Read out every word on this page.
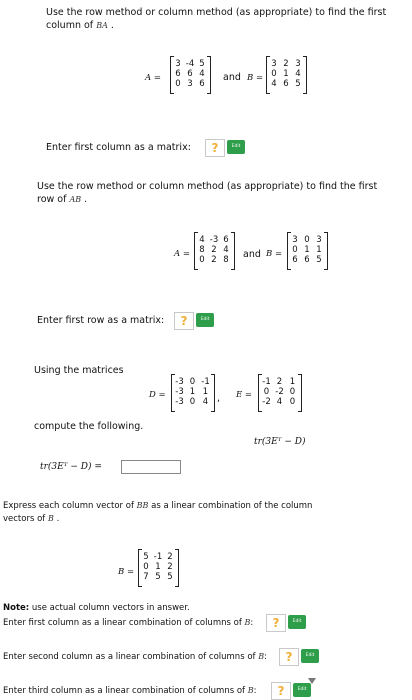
Use the row method or column method (as appropriate) to find the first
column of BA .
A =
3 -4 5
6 6 4
0 3 6
and B =
3 2 3
0 1 4
4 6 5
Enter first column as a matrix:	?	Edit
Use the row method or column method (as appropriate) to find the first
row of AB .
A =
4 -3 6
8 2 4
0 2 8	and B =
3 0 3
0 1 1
6 6 5
Enter first row as a matrix:	?	Edit
Using the matrices
D =
-3 0 -1
-3 1 1
-3 0 4 , E =
-1 2 1
0 -2 0
-2 4 0
compute the following.
tr(3Eᵀ − D)
tr(3Eᵀ − D) =
Express each column vector of BB as a linear combination of the column
vectors of B .
B =
5 -1 2
0 1 2
7 5 5
Note: use actual column vectors in answer.
Enter first column as a linear combination of columns of B:	?	Edit
Enter second column as a linear combination of columns of B:	?	Edit
Enter third column as a linear combination of columns of B:	?	Edit
